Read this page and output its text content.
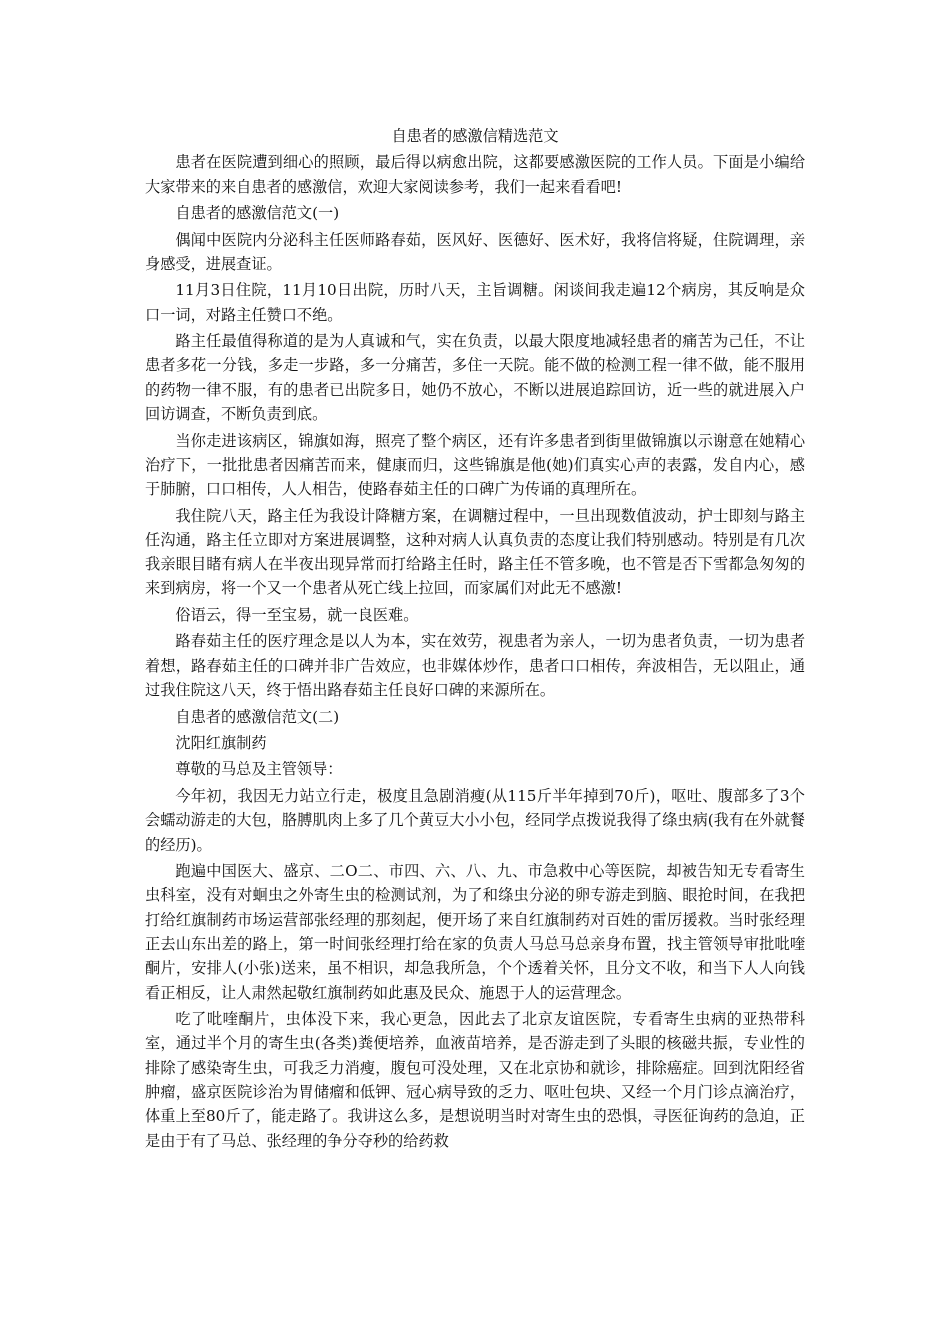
自患者的感激信精选范文

患者在医院遭到细心的照顾，最后得以病愈出院，这都要感激医院的工作人员。下面是小编给大家带来的来自患者的感激信，欢迎大家阅读参考，我们一起来看看吧!

自患者的感激信范文(一)

偶闻中医院内分泌科主任医师路春茹，医风好、医德好、医术好，我将信将疑，住院调理，亲身感受，进展查证。

11月3日住院，11月10日出院，历时八天，主旨调糖。闲谈间我走遍12个病房，其反响是众口一词，对路主任赞口不绝。

路主任最值得称道的是为人真诚和气，实在负责，以最大限度地减轻患者的痛苦为己任，不让患者多花一分钱，多走一步路，多一分痛苦，多住一天院。能不做的检测工程一律不做，能不服用的药物一律不服，有的患者已出院多日，她仍不放心，不断以进展追踪回访，近一些的就进展入户回访调查，不断负责到底。

当你走进该病区，锦旗如海，照亮了整个病区，还有许多患者到街里做锦旗以示谢意在她精心治疗下，一批批患者因痛苦而来，健康而归，这些锦旗是他(她)们真实心声的表露，发自内心，感于肺腑，口口相传，人人相告，使路春茹主任的口碑广为传诵的真理所在。

我住院八天，路主任为我设计降糖方案，在调糖过程中，一旦出现数值波动，护士即刻与路主任沟通，路主任立即对方案进展调整，这种对病人认真负责的态度让我们特别感动。特别是有几次我亲眼目睹有病人在半夜出现异常而打给路主任时，路主任不管多晚，也不管是否下雪都急匆匆的来到病房，将一个又一个患者从死亡线上拉回，而家属们对此无不感激!

俗语云，得一至宝易，就一良医难。

路春茹主任的医疗理念是以人为本，实在效劳，视患者为亲人，一切为患者负责，一切为患者着想，路春茹主任的口碑并非广告效应，也非媒体炒作，患者口口相传，奔波相告，无以阻止，通过我住院这八天，终于悟出路春茹主任良好口碑的来源所在。

自患者的感激信范文(二)

沈阳红旗制药

尊敬的马总及主管领导：

今年初，我因无力站立行走，极度且急剧消瘦(从115斤半年掉到70斤)，呕吐、腹部多了3个会蠕动游走的大包，胳膊肌肉上多了几个黄豆大小小包，经同学点拨说我得了绦虫病(我有在外就餐的经历)。

跑遍中国医大、盛京、二O二、市四、六、八、九、市急救中心等医院，却被告知无专看寄生虫科室，没有对蛔虫之外寄生虫的检测试剂，为了和绦虫分泌的卵专游走到脑、眼抢时间，在我把打给红旗制药市场运营部张经理的那刻起，便开场了来自红旗制药对百姓的雷厉援救。当时张经理正去山东出差的路上，第一时间张经理打给在家的负责人马总马总亲身布置，找主管领导审批吡喹酮片，安排人(小张)送来，虽不相识，却急我所急，个个透着关怀，且分文不收，和当下人人向钱看正相反，让人肃然起敬红旗制药如此惠及民众、施恩于人的运营理念。

吃了吡喹酮片，虫体没下来，我心更急，因此去了北京友谊医院，专看寄生虫病的亚热带科室，通过半个月的寄生虫(各类)粪便培养，血液苗培养，是否游走到了头眼的核磁共振，专业性的排除了感染寄生虫，可我乏力消瘦，腹包可没处理，又在北京协和就诊，排除癌症。回到沈阳经省肿瘤，盛京医院诊治为胃储瘤和低钾、冠心病导致的乏力、呕吐包块、又经一个月门诊点滴治疗，体重上至80斤了，能走路了。我讲这么多，是想说明当时对寄生虫的恐惧，寻医征询药的急迫，正是由于有了马总、张经理的争分夺秒的给药救
